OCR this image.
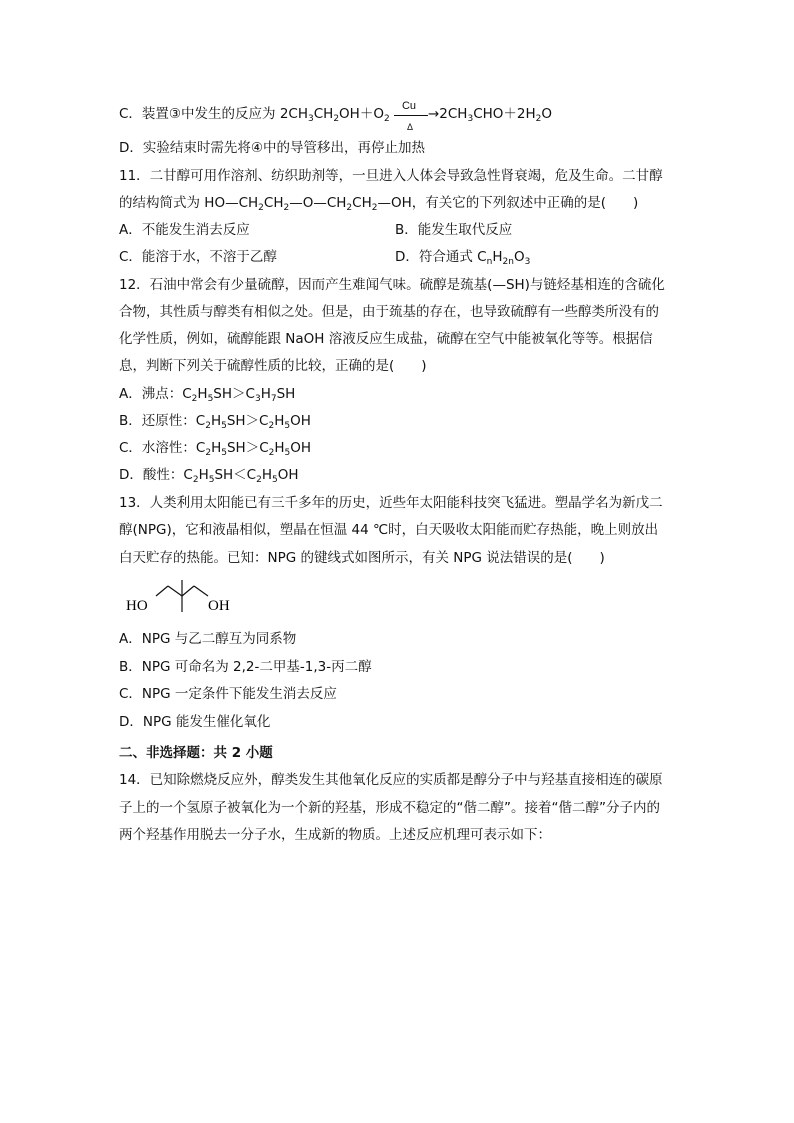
C．装置③中发生的反应为 $2CH_3CH_2OH+O_2$
Cu
Δ
$\to 2CH_3CHO+2H_2O$
D．实验结束时需先将④中的导管移出，再停止加热
11．二甘醇可用作溶剂、纺织助剂等，一旦进入人体会导致急性肾衰竭，危及生命。二甘醇
的结构简式为 $HO—CH_2CH_2—O—CH_2CH_2—OH$，有关它的下列叙述中正确的是(　　)
A．不能发生消去反应	B．能发生取代反应
C．能溶于水，不溶于乙醇	D．符合通式 $C_nH_{2n}O_3$
12．石油中常会有少量硫醇，因而产生难闻气味。硫醇是巯基(—SH)与链烃基相连的含硫化
合物，其性质与醇类有相似之处。但是，由于巯基的存在，也导致硫醇有一些醇类所没有的
化学性质，例如，硫醇能跟 NaOH 溶液反应生成盐，硫醇在空气中能被氧化等等。根据信
息，判断下列关于硫醇性质的比较，正确的是(　　)
A．沸点：$C_2H_5SH>C_3H_7SH$
B．还原性：$C_2H_5SH>C_2H_5OH$
C．水溶性：$C_2H_5SH>C_2H_5OH$
D．酸性：$C_2H_5SH<C_2H_5OH$
13．人类利用太阳能已有三千多年的历史，近些年太阳能科技突飞猛进。塑晶学名为新戊二
醇(NPG)，它和液晶相似，塑晶在恒温 44 ℃时，白天吸收太阳能而贮存热能，晚上则放出
白天贮存的热能。已知：NPG 的键线式如图所示，有关 NPG 说法错误的是(　　)
HO	OH
A．NPG 与乙二醇互为同系物
B．NPG 可命名为 2,2-二甲基-1,3-丙二醇
C．NPG 一定条件下能发生消去反应
D．NPG 能发生催化氧化
二、非选择题：共 2 小题
14．已知除燃烧反应外，醇类发生其他氧化反应的实质都是醇分子中与羟基直接相连的碳原
子上的一个氢原子被氧化为一个新的羟基，形成不稳定的“偕二醇”。接着“偕二醇”分子内的
两个羟基作用脱去一分子水，生成新的物质。上述反应机理可表示如下：
